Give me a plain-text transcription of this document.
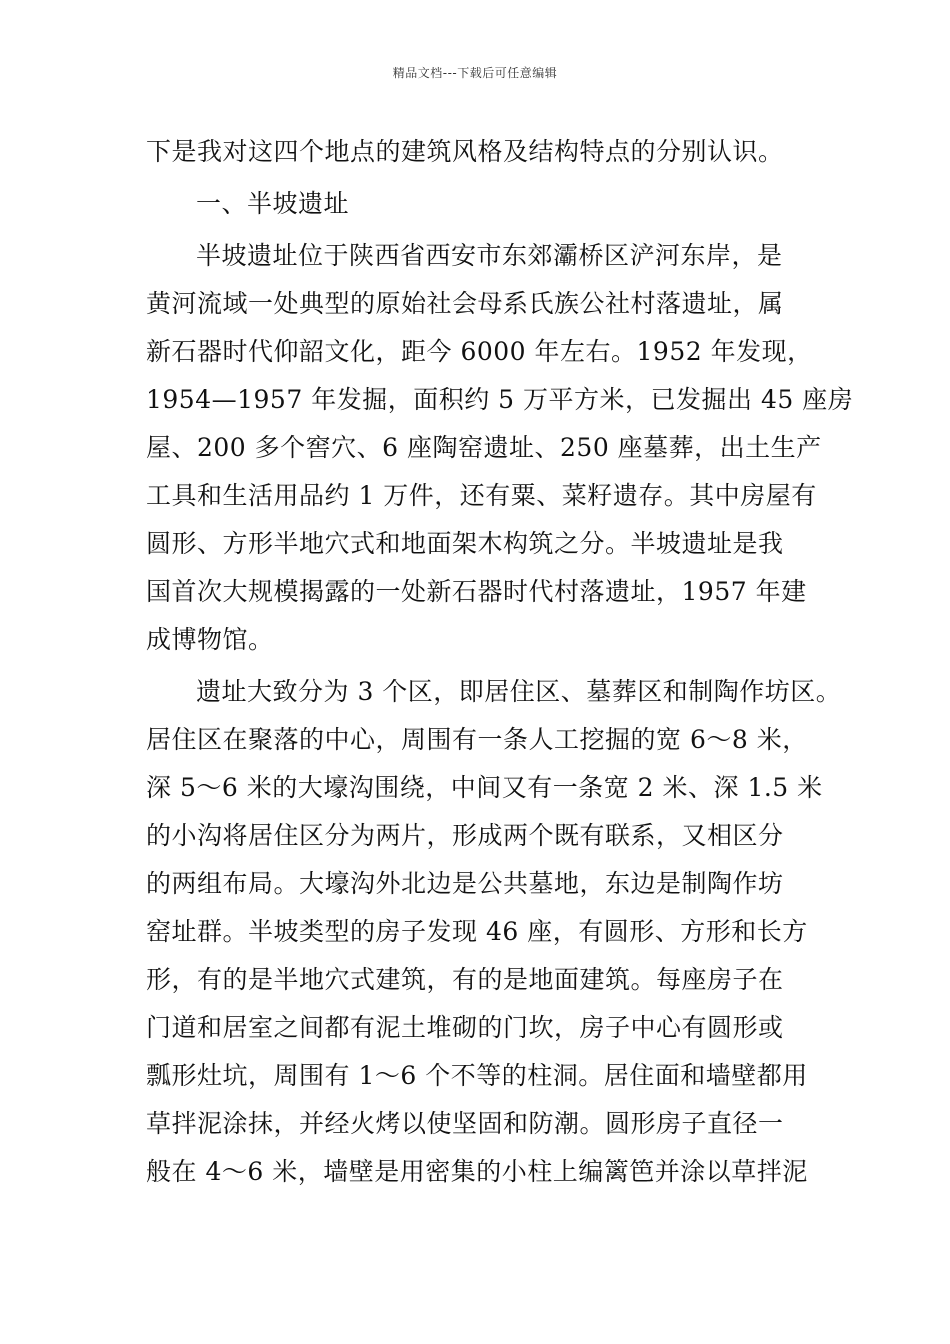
精品文档---下载后可任意编辑
下是我对这四个地点的建筑风格及结构特点的分别认识。
一、半坡遗址
半坡遗址位于陕西省西安市东郊灞桥区浐河东岸，是
黄河流域一处典型的原始社会母系氏族公社村落遗址，属
新石器时代仰韶文化，距今 6000 年左右。1952 年发现，
1954—1957 年发掘，面积约 5 万平方米，已发掘出 45 座房
屋、200 多个窖穴、6 座陶窑遗址、250 座墓葬，出土生产
工具和生活用品约 1 万件，还有粟、菜籽遗存。其中房屋有
圆形、方形半地穴式和地面架木构筑之分。半坡遗址是我
国首次大规模揭露的一处新石器时代村落遗址，1957 年建
成博物馆。
遗址大致分为 3 个区，即居住区、墓葬区和制陶作坊区。
居住区在聚落的中心，周围有一条人工挖掘的宽 6～8 米，
深 5～6 米的大壕沟围绕，中间又有一条宽 2 米、深 1.5 米
的小沟将居住区分为两片，形成两个既有联系，又相区分
的两组布局。大壕沟外北边是公共墓地，东边是制陶作坊
窑址群。半坡类型的房子发现 46 座，有圆形、方形和长方
形，有的是半地穴式建筑，有的是地面建筑。每座房子在
门道和居室之间都有泥土堆砌的门坎，房子中心有圆形或
瓢形灶坑，周围有 1～6 个不等的柱洞。居住面和墙壁都用
草拌泥涂抹，并经火烤以使坚固和防潮。圆形房子直径一
般在 4～6 米，墙壁是用密集的小柱上编篱笆并涂以草拌泥
